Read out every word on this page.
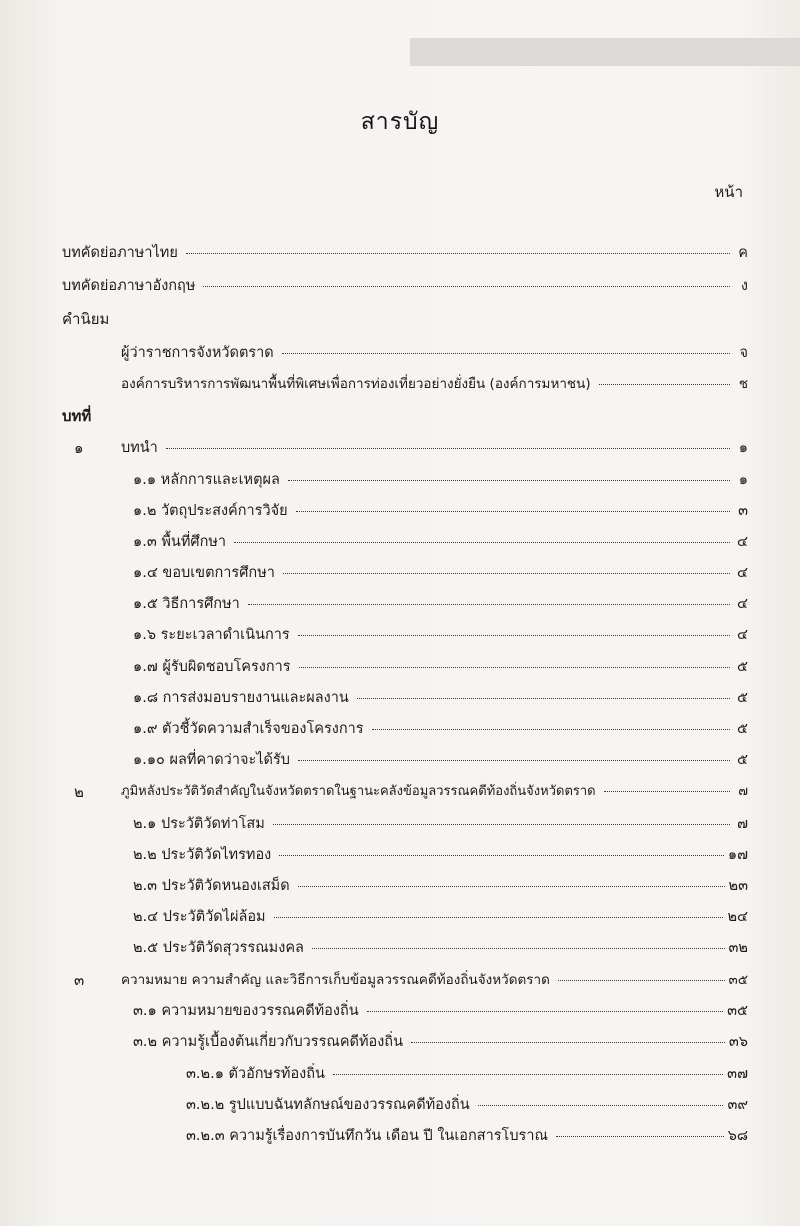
สารบัญ
หน้า
บทคัดย่อภาษาไทย	ค
บทคัดย่อภาษาอังกฤษ	ง
คำนิยม
ผู้ว่าราชการจังหวัดตราด	จ
องค์การบริหารการพัฒนาพื้นที่พิเศษเพื่อการท่องเที่ยวอย่างยั่งยืน (องค์การมหาชน)	ช
บทที่
๑	บทนำ	๑
๑.๑ หลักการและเหตุผล	๑
๑.๒ วัตถุประสงค์การวิจัย	๓
๑.๓ พื้นที่ศึกษา	๔
๑.๔ ขอบเขตการศึกษา	๔
๑.๕ วิธีการศึกษา	๔
๑.๖ ระยะเวลาดำเนินการ	๔
๑.๗ ผู้รับผิดชอบโครงการ	๕
๑.๘ การส่งมอบรายงานและผลงาน	๕
๑.๙ ตัวชี้วัดความสำเร็จของโครงการ	๕
๑.๑๐ ผลที่คาดว่าจะได้รับ	๕
๒	ภูมิหลังประวัติวัดสำคัญในจังหวัดตราดในฐานะคลังข้อมูลวรรณคดีท้องถิ่นจังหวัดตราด	๗
๒.๑ ประวัติวัดท่าโสม	๗
๒.๒ ประวัติวัดไทรทอง	๑๗
๒.๓ ประวัติวัดหนองเสม็ด	๒๓
๒.๔ ประวัติวัดไผ่ล้อม	๒๔
๒.๕ ประวัติวัดสุวรรณมงคล	๓๒
๓	ความหมาย ความสำคัญ และวิธีการเก็บข้อมูลวรรณคดีท้องถิ่นจังหวัดตราด	๓๕
๓.๑ ความหมายของวรรณคดีท้องถิ่น	๓๕
๓.๒ ความรู้เบื้องต้นเกี่ยวกับวรรณคดีท้องถิ่น	๓๖
๓.๒.๑ ตัวอักษรท้องถิ่น	๓๗
๓.๒.๒ รูปแบบฉันทลักษณ์ของวรรณคดีท้องถิ่น	๓๙
๓.๒.๓ ความรู้เรื่องการบันทึกวัน เดือน ปี ในเอกสารโบราณ	๖๘
